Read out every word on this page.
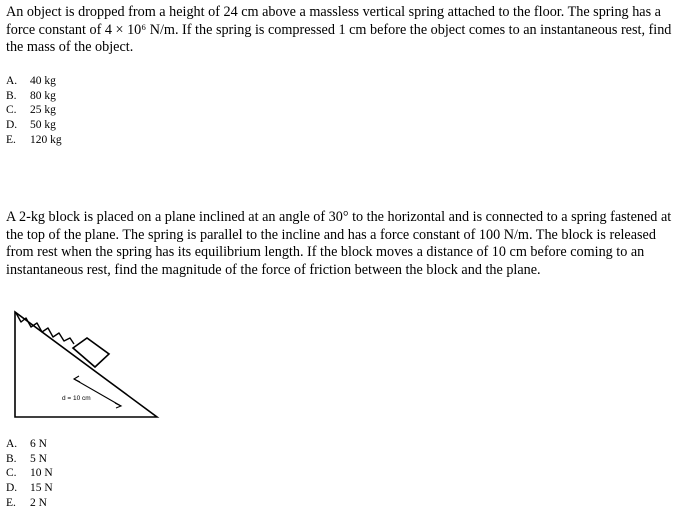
An object is dropped from a height of 24 cm above a massless vertical spring attached to the floor. The spring has a force constant of 4 × 10⁶ N/m. If the spring is compressed 1 cm before the object comes to an instantaneous rest, find the mass of the object.
A.	40 kg
B.	80 kg
C.	25 kg
D.	50 kg
E.	120 kg
A 2-kg block is placed on a plane inclined at an angle of 30° to the horizontal and is connected to a spring fastened at the top of the plane. The spring is parallel to the incline and has a force constant of 100 N/m. The block is released from rest when the spring has its equilibrium length. If the block moves a distance of 10 cm before coming to an instantaneous rest, find the magnitude of the force of friction between the block and the plane.
d = 10 cm
A.	6 N
B.	5 N
C.	10 N
D.	15 N
E.	2 N
